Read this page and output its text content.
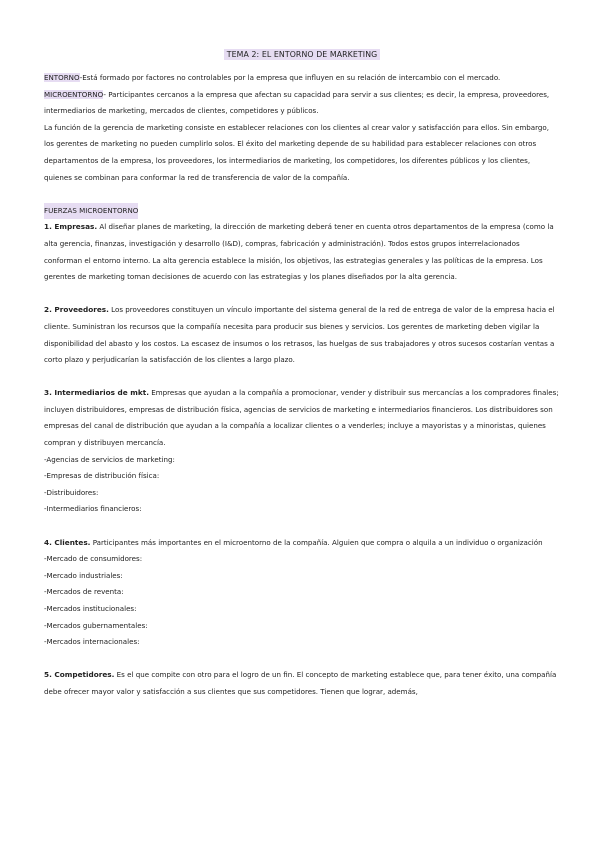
TEMA 2: EL ENTORNO DE MARKETING

ENTORNO-Está formado por factores no controlables por la empresa que influyen en su relación de intercambio con el mercado.

MICROENTORNO- Participantes cercanos a la empresa que afectan su capacidad para servir a sus clientes; es decir, la empresa, proveedores, intermediarios de marketing, mercados de clientes, competidores y públicos.

La función de la gerencia de marketing consiste en establecer relaciones con los clientes al crear valor y satisfacción para ellos. Sin embargo, los gerentes de marketing no pueden cumplirlo solos. El éxito del marketing depende de su habilidad para establecer relaciones con otros departamentos de la empresa, los proveedores, los intermediarios de marketing, los competidores, los diferentes públicos y los clientes, quienes se combinan para conformar la red de transferencia de valor de la compañía.

FUERZAS MICROENTORNO

1. Empresas. Al diseñar planes de marketing, la dirección de marketing deberá tener en cuenta otros departamentos de la empresa (como la alta gerencia, finanzas, investigación y desarrollo (I&D), compras, fabricación y administración). Todos estos grupos interrelacionados conforman el entorno interno. La alta gerencia establece la misión, los objetivos, las estrategias generales y las políticas de la empresa. Los gerentes de marketing toman decisiones de acuerdo con las estrategias y los planes diseñados por la alta gerencia.

2. Proveedores. Los proveedores constituyen un vínculo importante del sistema general de la red de entrega de valor de la empresa hacia el cliente. Suministran los recursos que la compañía necesita para producir sus bienes y servicios. Los gerentes de marketing deben vigilar la disponibilidad del abasto y los costos. La escasez de insumos o los retrasos, las huelgas de sus trabajadores y otros sucesos costarían ventas a corto plazo y perjudicarían la satisfacción de los clientes a largo plazo.

3. Intermediarios de mkt. Empresas que ayudan a la compañía a promocionar, vender y distribuir sus mercancías a los compradores finales; incluyen distribuidores, empresas de distribución física, agencias de servicios de marketing e intermediarios financieros. Los distribuidores son empresas del canal de distribución que ayudan a la compañía a localizar clientes o a venderles; incluye a mayoristas y a minoristas, quienes compran y distribuyen mercancía.

-Agencias de servicios de marketing:
-Empresas de distribución física:
-Distribuidores:
-Intermediarios financieros:

4. Clientes. Participantes más importantes en el microentorno de la compañía. Alguien que compra o alquila a un individuo o organización

-Mercado de consumidores:
-Mercado industriales:
-Mercados de reventa:
-Mercados institucionales:
-Mercados gubernamentales:
-Mercados internacionales:

5. Competidores. Es el que compite con otro para el logro de un fin. El concepto de marketing establece que, para tener éxito, una compañía debe ofrecer mayor valor y satisfacción a sus clientes que sus competidores. Tienen que lograr, además,
